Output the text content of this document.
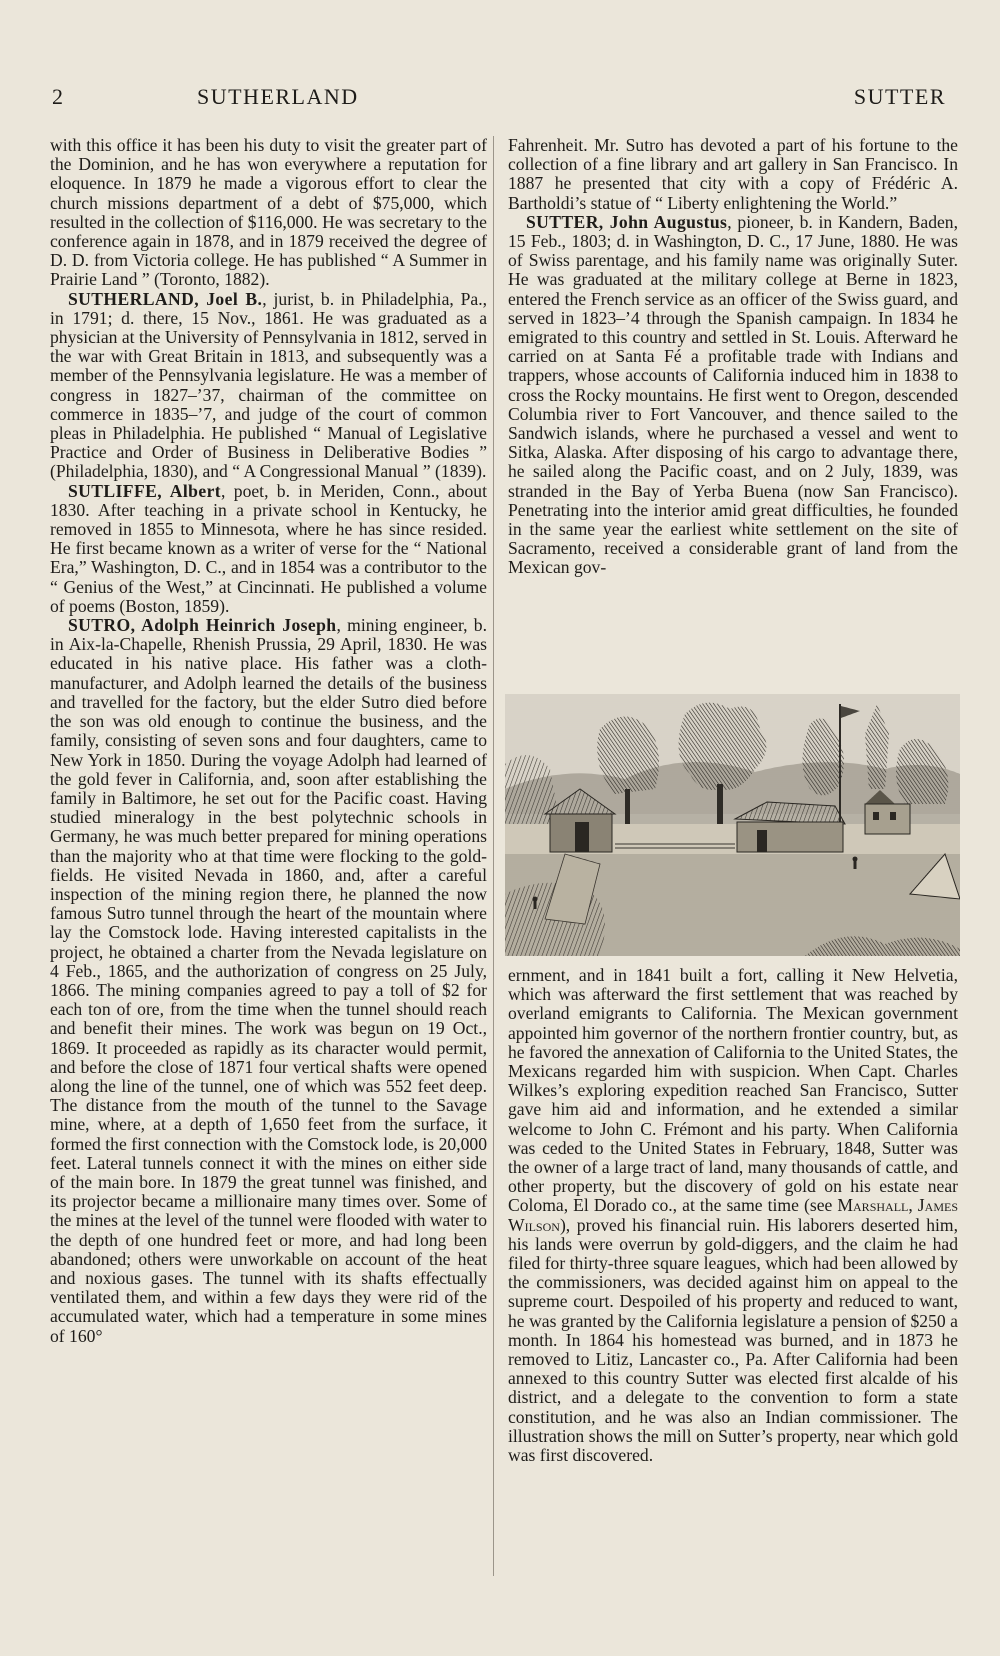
2	SUTHERLAND	SUTTER

with this office it has been his duty to visit the greater part of the Dominion, and he has won everywhere a reputation for eloquence. In 1879 he made a vigorous effort to clear the church missions department of a debt of $75,000, which resulted in the collection of $116,000. He was secretary to the conference again in 1878, and in 1879 received the degree of D. D. from Victoria college. He has published “ A Summer in Prairie Land ” (Toronto, 1882).

SUTHERLAND, Joel B., jurist, b. in Philadelphia, Pa., in 1791; d. there, 15 Nov., 1861. He was graduated as a physician at the University of Pennsylvania in 1812, served in the war with Great Britain in 1813, and subsequently was a member of the Pennsylvania legislature. He was a member of congress in 1827–’37, chairman of the committee on commerce in 1835–’7, and judge of the court of common pleas in Philadelphia. He published “ Manual of Legislative Practice and Order of Business in Deliberative Bodies ” (Philadelphia, 1830), and “ A Congressional Manual ” (1839).

SUTLIFFE, Albert, poet, b. in Meriden, Conn., about 1830. After teaching in a private school in Kentucky, he removed in 1855 to Minnesota, where he has since resided. He first became known as a writer of verse for the “ National Era,” Washington, D. C., and in 1854 was a contributor to the “ Genius of the West,” at Cincinnati. He published a volume of poems (Boston, 1859).

SUTRO, Adolph Heinrich Joseph, mining engineer, b. in Aix-la-Chapelle, Rhenish Prussia, 29 April, 1830. He was educated in his native place. His father was a cloth-manufacturer, and Adolph learned the details of the business and travelled for the factory, but the elder Sutro died before the son was old enough to continue the business, and the family, consisting of seven sons and four daughters, came to New York in 1850. During the voyage Adolph had learned of the gold fever in California, and, soon after establishing the family in Baltimore, he set out for the Pacific coast. Having studied mineralogy in the best polytechnic schools in Germany, he was much better prepared for mining operations than the majority who at that time were flocking to the gold-fields. He visited Nevada in 1860, and, after a careful inspection of the mining region there, he planned the now famous Sutro tunnel through the heart of the mountain where lay the Comstock lode. Having interested capitalists in the project, he obtained a charter from the Nevada legislature on 4 Feb., 1865, and the authorization of congress on 25 July, 1866. The mining companies agreed to pay a toll of $2 for each ton of ore, from the time when the tunnel should reach and benefit their mines. The work was begun on 19 Oct., 1869. It proceeded as rapidly as its character would permit, and before the close of 1871 four vertical shafts were opened along the line of the tunnel, one of which was 552 feet deep. The distance from the mouth of the tunnel to the Savage mine, where, at a depth of 1,650 feet from the surface, it formed the first connection with the Comstock lode, is 20,000 feet. Lateral tunnels connect it with the mines on either side of the main bore. In 1879 the great tunnel was finished, and its projector became a millionaire many times over. Some of the mines at the level of the tunnel were flooded with water to the depth of one hundred feet or more, and had long been abandoned; others were unworkable on account of the heat and noxious gases. The tunnel with its shafts effectually ventilated them, and within a few days they were rid of the accumulated water, which had a temperature in some mines of 160°

Fahrenheit. Mr. Sutro has devoted a part of his fortune to the collection of a fine library and art gallery in San Francisco. In 1887 he presented that city with a copy of Frédéric A. Bartholdi’s statue of “ Liberty enlightening the World.”

SUTTER, John Augustus, pioneer, b. in Kandern, Baden, 15 Feb., 1803; d. in Washington, D. C., 17 June, 1880. He was of Swiss parentage, and his family name was originally Suter. He was graduated at the military college at Berne in 1823, entered the French service as an officer of the Swiss guard, and served in 1823–’4 through the Spanish campaign. In 1834 he emigrated to this country and settled in St. Louis. Afterward he carried on at Santa Fé a profitable trade with Indians and trappers, whose accounts of California induced him in 1838 to cross the Rocky mountains. He first went to Oregon, descended Columbia river to Fort Vancouver, and thence sailed to the Sandwich islands, where he purchased a vessel and went to Sitka, Alaska. After disposing of his cargo to advantage there, he sailed along the Pacific coast, and on 2 July, 1839, was stranded in the Bay of Yerba Buena (now San Francisco). Penetrating into the interior amid great difficulties, he founded in the same year the earliest white settlement on the site of Sacramento, received a considerable grant of land from the Mexican gov-

ernment, and in 1841 built a fort, calling it New Helvetia, which was afterward the first settlement that was reached by overland emigrants to California. The Mexican government appointed him governor of the northern frontier country, but, as he favored the annexation of California to the United States, the Mexicans regarded him with suspicion. When Capt. Charles Wilkes’s exploring expedition reached San Francisco, Sutter gave him aid and information, and he extended a similar welcome to John C. Frémont and his party. When California was ceded to the United States in February, 1848, Sutter was the owner of a large tract of land, many thousands of cattle, and other property, but the discovery of gold on his estate near Coloma, El Dorado co., at the same time (see Marshall, James Wilson), proved his financial ruin. His laborers deserted him, his lands were overrun by gold-diggers, and the claim he had filed for thirty-three square leagues, which had been allowed by the commissioners, was decided against him on appeal to the supreme court. Despoiled of his property and reduced to want, he was granted by the California legislature a pension of $250 a month. In 1864 his homestead was burned, and in 1873 he removed to Litiz, Lancaster co., Pa. After California had been annexed to this country Sutter was elected first alcalde of his district, and a delegate to the convention to form a state constitution, and he was also an Indian commissioner. The illustration shows the mill on Sutter’s property, near which gold was first discovered.
